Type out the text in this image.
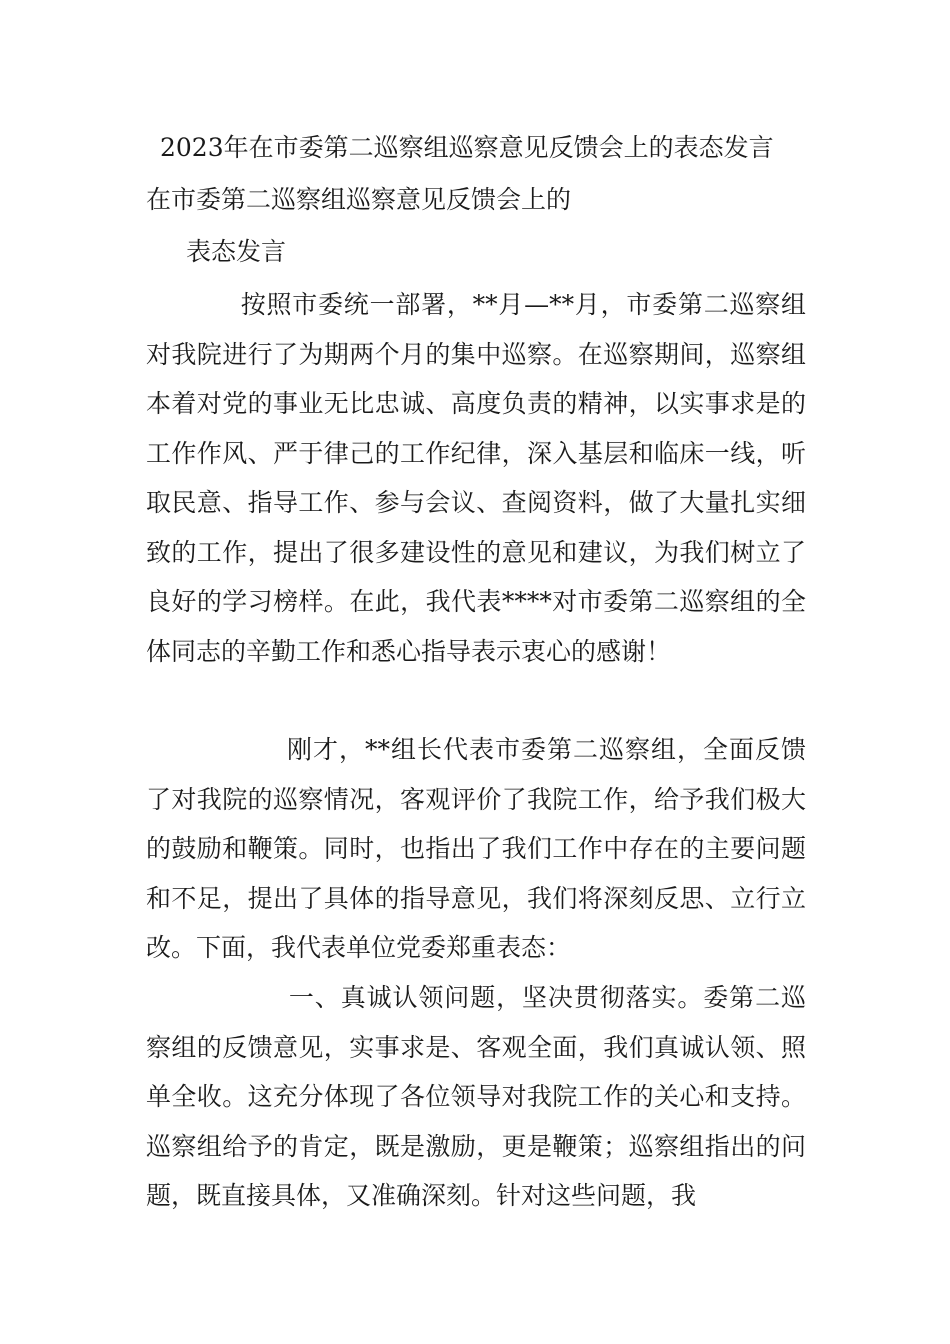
2023年在市委第二巡察组巡察意见反馈会上的表态发言
在市委第二巡察组巡察意见反馈会上的
表态发言
按照市委统一部署，**月—**月，市委第二巡察组对我院进行了为期两个月的集中巡察。在巡察期间，巡察组本着对党的事业无比忠诚、高度负责的精神，以实事求是的工作作风、严于律己的工作纪律，深入基层和临床一线，听取民意、指导工作、参与会议、查阅资料，做了大量扎实细致的工作，提出了很多建设性的意见和建议，为我们树立了良好的学习榜样。在此，我代表****对市委第二巡察组的全体同志的辛勤工作和悉心指导表示衷心的感谢！
刚才，**组长代表市委第二巡察组，全面反馈了对我院的巡察情况，客观评价了我院工作，给予我们极大的鼓励和鞭策。同时，也指出了我们工作中存在的主要问题和不足，提出了具体的指导意见，我们将深刻反思、立行立改。下面，我代表单位党委郑重表态：
一、真诚认领问题，坚决贯彻落实。委第二巡察组的反馈意见，实事求是、客观全面，我们真诚认领、照单全收。这充分体现了各位领导对我院工作的关心和支持。巡察组给予的肯定，既是激励，更是鞭策；巡察组指出的问题，既直接具体，又准确深刻。针对这些问题，我
